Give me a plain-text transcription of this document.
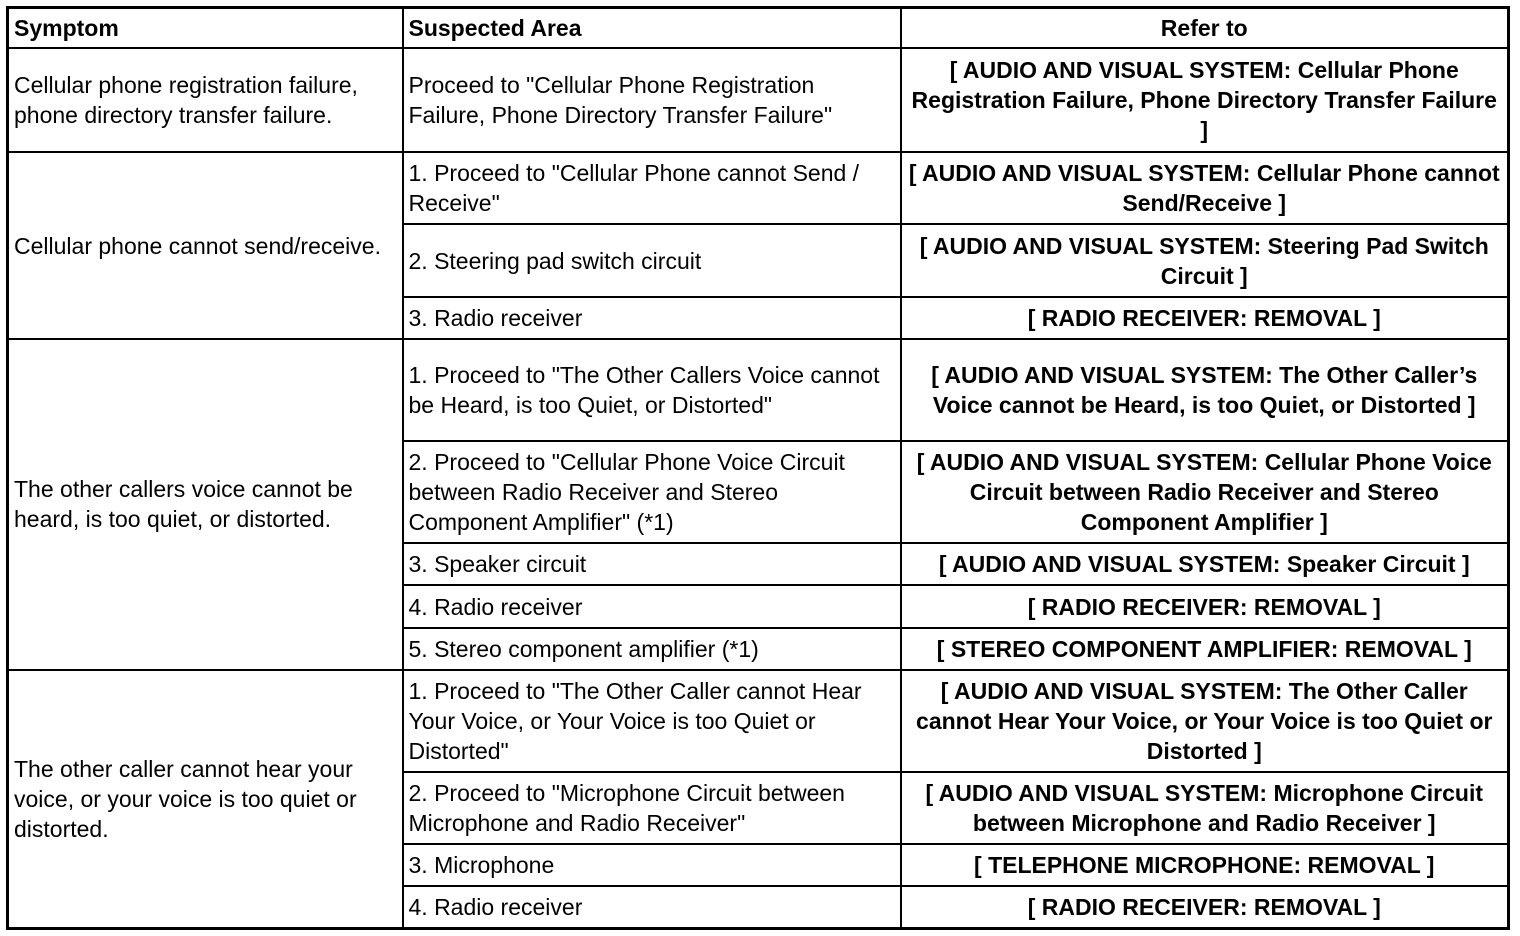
Symptom	Suspected Area	Refer to
Cellular phone registration failure, phone directory transfer failure.	Proceed to "Cellular Phone Registration Failure, Phone Directory Transfer Failure"	[ AUDIO AND VISUAL SYSTEM: Cellular Phone Registration Failure, Phone Directory Transfer Failure ]
Cellular phone cannot send/receive.	1. Proceed to "Cellular Phone cannot Send / Receive"	[ AUDIO AND VISUAL SYSTEM: Cellular Phone cannot Send/Receive ]
	2. Steering pad switch circuit	[ AUDIO AND VISUAL SYSTEM: Steering Pad Switch Circuit ]
	3. Radio receiver	[ RADIO RECEIVER: REMOVAL ]
The other callers voice cannot be heard, is too quiet, or distorted.	1. Proceed to "The Other Callers Voice cannot be Heard, is too Quiet, or Distorted"	[ AUDIO AND VISUAL SYSTEM: The Other Caller’s Voice cannot be Heard, is too Quiet, or Distorted ]
	2. Proceed to "Cellular Phone Voice Circuit between Radio Receiver and Stereo Component Amplifier" (*1)	[ AUDIO AND VISUAL SYSTEM: Cellular Phone Voice Circuit between Radio Receiver and Stereo Component Amplifier ]
	3. Speaker circuit	[ AUDIO AND VISUAL SYSTEM: Speaker Circuit ]
	4. Radio receiver	[ RADIO RECEIVER: REMOVAL ]
	5. Stereo component amplifier (*1)	[ STEREO COMPONENT AMPLIFIER: REMOVAL ]
The other caller cannot hear your voice, or your voice is too quiet or distorted.	1. Proceed to "The Other Caller cannot Hear Your Voice, or Your Voice is too Quiet or Distorted"	[ AUDIO AND VISUAL SYSTEM: The Other Caller cannot Hear Your Voice, or Your Voice is too Quiet or Distorted ]
	2. Proceed to "Microphone Circuit between Microphone and Radio Receiver"	[ AUDIO AND VISUAL SYSTEM: Microphone Circuit between Microphone and Radio Receiver ]
	3. Microphone	[ TELEPHONE MICROPHONE: REMOVAL ]
	4. Radio receiver	[ RADIO RECEIVER: REMOVAL ]
